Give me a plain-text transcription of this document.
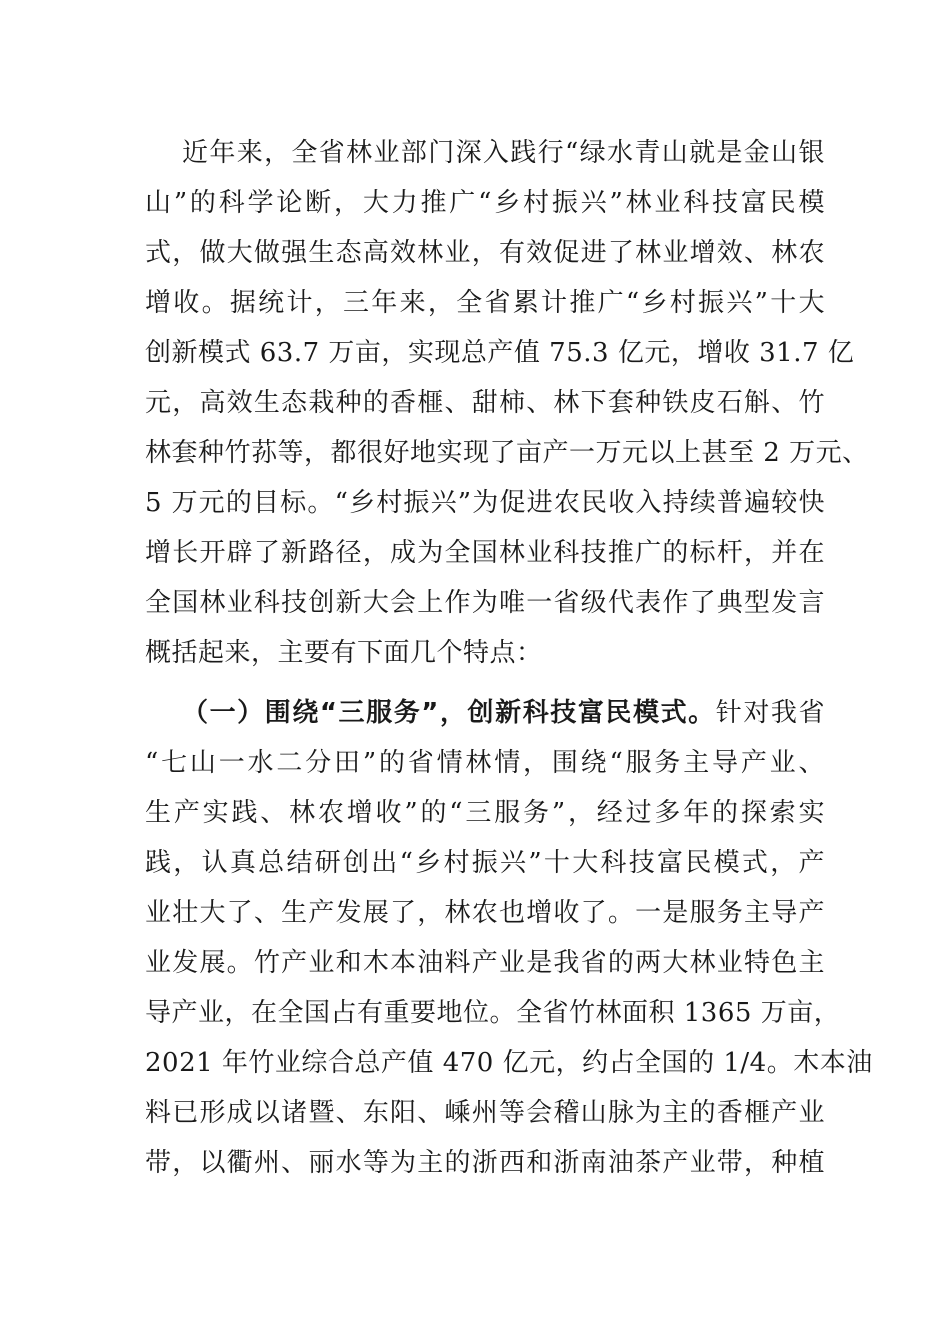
近年来，全省林业部门深入践行“绿水青山就是金山银
山”的科学论断，大力推广“乡村振兴”林业科技富民模
式，做大做强生态高效林业，有效促进了林业增效、林农
增收。据统计，三年来，全省累计推广“乡村振兴”十大
创新模式 63.7 万亩，实现总产值 75.3 亿元，增收 31.7 亿
元，高效生态栽种的香榧、甜柿、林下套种铁皮石斛、竹
林套种竹荪等，都很好地实现了亩产一万元以上甚至 2 万元、
5 万元的目标。“乡村振兴”为促进农民收入持续普遍较快
增长开辟了新路径，成为全国林业科技推广的标杆，并在
全国林业科技创新大会上作为唯一省级代表作了典型发言
概括起来，主要有下面几个特点：
（一）围绕“三服务”，创新科技富民模式。针对我省
“七山一水二分田”的省情林情，围绕“服务主导产业、
生产实践、林农增收”的“三服务”，经过多年的探索实
践，认真总结研创出“乡村振兴”十大科技富民模式，产
业壮大了、生产发展了，林农也增收了。一是服务主导产
业发展。竹产业和木本油料产业是我省的两大林业特色主
导产业，在全国占有重要地位。全省竹林面积 1365 万亩，
2021 年竹业综合总产值 470 亿元，约占全国的 1/4。木本油
料已形成以诸暨、东阳、嵊州等会稽山脉为主的香榧产业
带，以衢州、丽水等为主的浙西和浙南油茶产业带，种植
